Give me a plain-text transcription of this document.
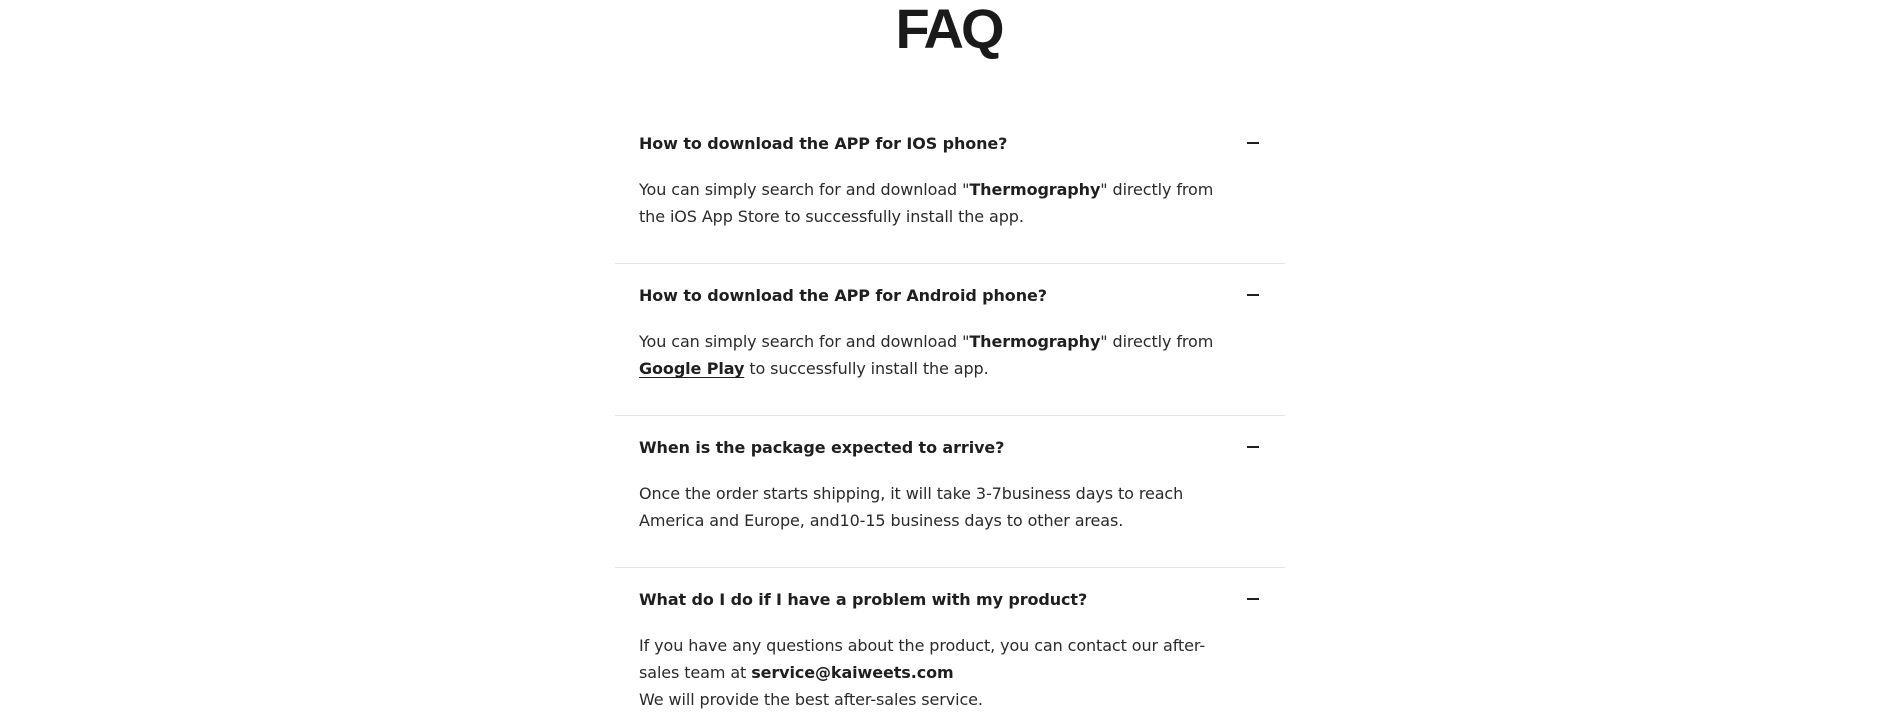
FAQ
How to download the APP for IOS phone?
You can simply search for and download "Thermography" directly from the iOS App Store to successfully install the app.
How to download the APP for Android phone?
You can simply search for and download "Thermography" directly from Google Play to successfully install the app.
When is the package expected to arrive?
Once the order starts shipping, it will take 3-7business days to reach America and Europe, and10-15 business days to other areas.
What do I do if I have a problem with my product?
If you have any questions about the product, you can contact our after-sales team at service@kaiweets.com
We will provide the best after-sales service.
